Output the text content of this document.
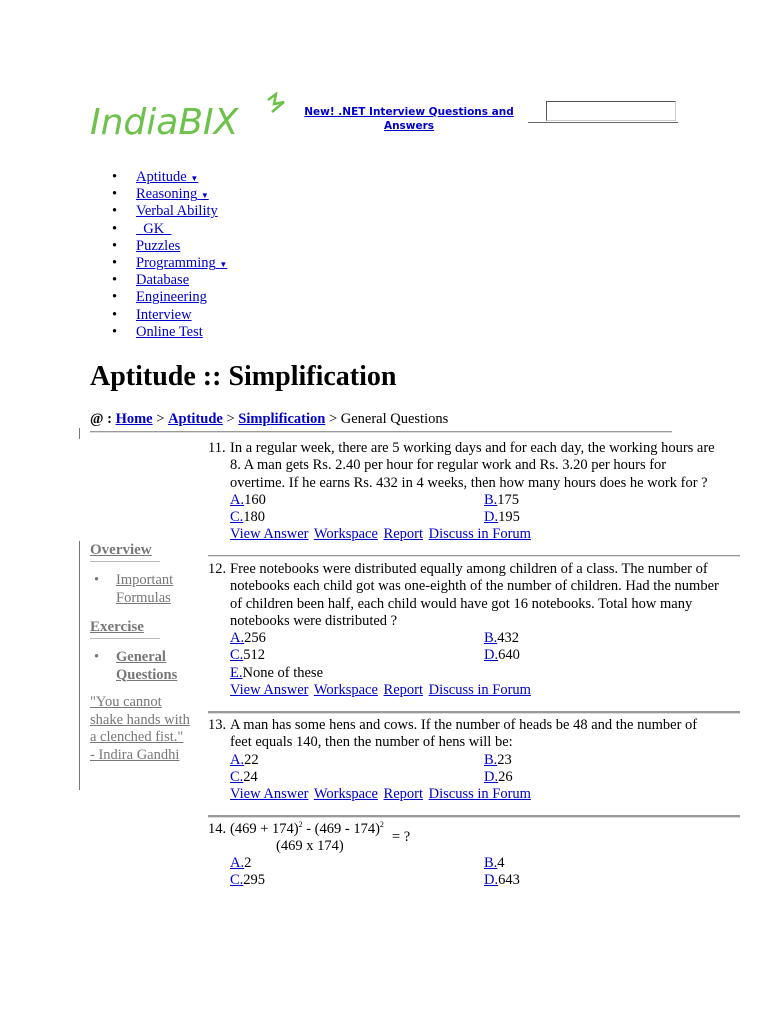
IndiaBIX	New! .NET Interview Questions and
Answers
• Aptitude ▼
• Reasoning ▼
• Verbal Ability
• GK
• Puzzles
• Programming ▼
• Database
• Engineering
• Interview
• Online Test
Aptitude :: Simplification
@ : Home > Aptitude > Simplification > General Questions
Overview
• Important
Formulas
Exercise
• General
Questions
"You cannot
shake hands with
a clenched fist."
- Indira Gandhi
11. In a regular week, there are 5 working days and for each day, the working hours are
8. A man gets Rs. 2.40 per hour for regular work and Rs. 3.20 per hours for
overtime. If he earns Rs. 432 in 4 weeks, then how many hours does he work for ?
A.160	B.175
C.180	D.195
View Answer Workspace Report Discuss in Forum
12. Free notebooks were distributed equally among children of a class. The number of
notebooks each child got was one-eighth of the number of children. Had the number
of children been half, each child would have got 16 notebooks. Total how many
notebooks were distributed ?
A.256	B.432
C.512	D.640
E.None of these
View Answer Workspace Report Discuss in Forum
13. A man has some hens and cows. If the number of heads be 48 and the number of
feet equals 140, then the number of hens will be:
A.22	B.23
C.24	D.26
View Answer Workspace Report Discuss in Forum
14. $(469 + 174)^2 - (469 - 174)^2$
(469 x 174)
= ?
A.2	B.4
C.295	D.643
